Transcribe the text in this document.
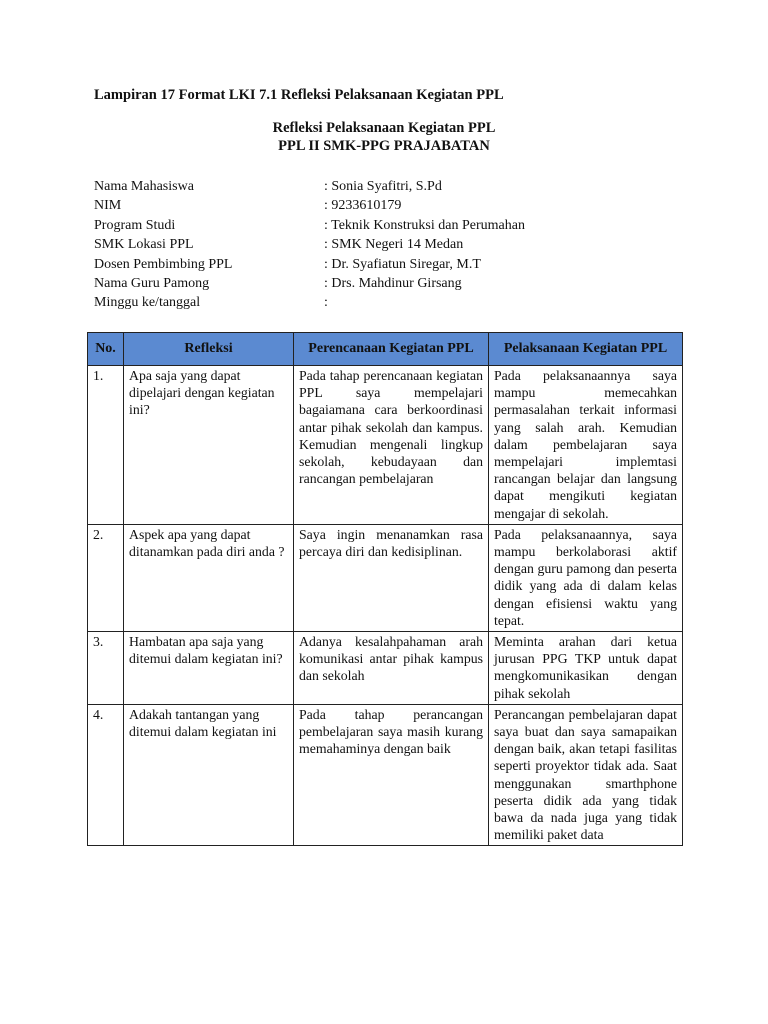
Lampiran 17 Format LKI 7.1 Refleksi Pelaksanaan Kegiatan PPL
Refleksi Pelaksanaan Kegiatan PPL
PPL II SMK-PPG PRAJABATAN
Nama Mahasiswa	: Sonia Syafitri, S.Pd
NIM	: 9233610179
Program Studi	: Teknik Konstruksi dan Perumahan
SMK Lokasi PPL	: SMK Negeri 14 Medan
Dosen Pembimbing PPL	: Dr. Syafiatun Siregar, M.T
Nama Guru Pamong	: Drs. Mahdinur Girsang
Minggu ke/tanggal	:
No.	Refleksi	Perencanaan Kegiatan PPL	Pelaksanaan Kegiatan PPL
1.	Apa saja yang dapat dipelajari dengan kegiatan ini?	Pada tahap perencanaan kegiatan PPL saya mempelajari bagaiamana cara berkoordinasi antar pihak sekolah dan kampus. Kemudian mengenali lingkup sekolah, kebudayaan dan rancangan pembelajaran	Pada pelaksanaannya saya mampu memecahkan permasalahan terkait informasi yang salah arah. Kemudian dalam pembelajaran saya mempelajari implemtasi rancangan belajar dan langsung dapat mengikuti kegiatan mengajar di sekolah.
2.	Aspek apa yang dapat ditanamkan pada diri anda ?	Saya ingin menanamkan rasa percaya diri dan kedisiplinan.	Pada pelaksanaannya, saya mampu berkolaborasi aktif dengan guru pamong dan peserta didik yang ada di dalam kelas dengan efisiensi waktu yang tepat.
3.	Hambatan apa saja yang ditemui dalam kegiatan ini?	Adanya kesalahpahaman arah komunikasi antar pihak kampus dan sekolah	Meminta arahan dari ketua jurusan PPG TKP untuk dapat mengkomunikasikan dengan pihak sekolah
4.	Adakah tantangan yang ditemui dalam kegiatan ini	Pada tahap perancangan pembelajaran saya masih kurang memahaminya dengan baik	Perancangan pembelajaran dapat saya buat dan saya samapaikan dengan baik, akan tetapi fasilitas seperti proyektor tidak ada. Saat menggunakan smarthphone peserta didik ada yang tidak bawa da nada juga yang tidak memiliki paket data
